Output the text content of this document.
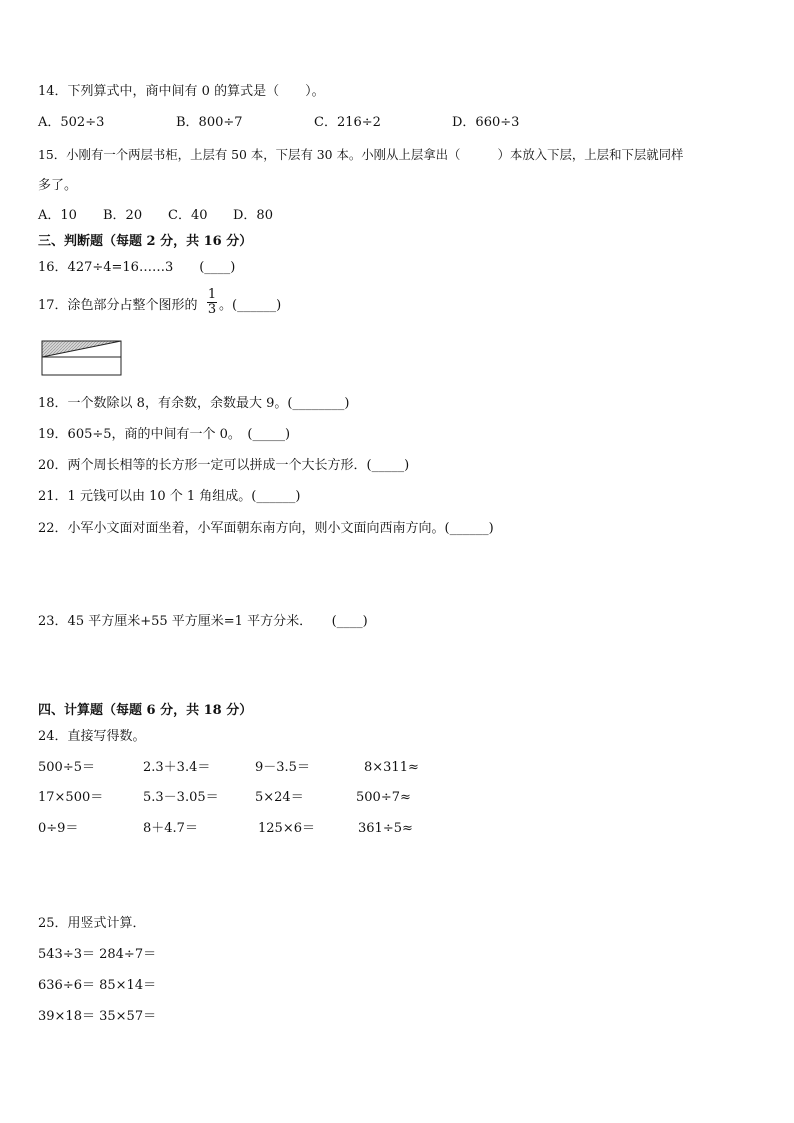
14．下列算式中，商中间有 0 的算式是（　　）。
A．502÷3	B．800÷7	C．216÷2	D．660÷3
15．小刚有一个两层书柜，上层有 50 本，下层有 30 本。小刚从上层拿出（　　　）本放入下层，上层和下层就同样
多了。
A．10 B．20 C．40 D．80
三、判断题（每题 2 分，共 16 分）
16．427÷4=16……3　　(____)
17．涂色部分占整个图形的
1
3 。(______)
18．一个数除以 8，有余数，余数最大 9。(________)
19．605÷5，商的中间有一个 0。　(_____)
20．两个周长相等的长方形一定可以拼成一个大长方形．(_____)
21．1 元钱可以由 10 个 1 角组成。(______)
22．小军小文面对面坐着，小军面朝东南方向，则小文面向西南方向。(______)
23．45 平方厘米+55 平方厘米=1 平方分米．　　(____)
四、计算题（每题 6 分，共 18 分）
24．直接写得数。
500÷5＝	2.3＋3.4＝	9－3.5＝	8×311≈
17×500＝	5.3－3.05＝	5×24＝	500÷7≈
0÷9＝	8＋4.7＝	125×6＝	361÷5≈
25．用竖式计算．
543÷3＝ 284÷7＝
636÷6＝ 85×14＝
39×18＝ 35×57＝
